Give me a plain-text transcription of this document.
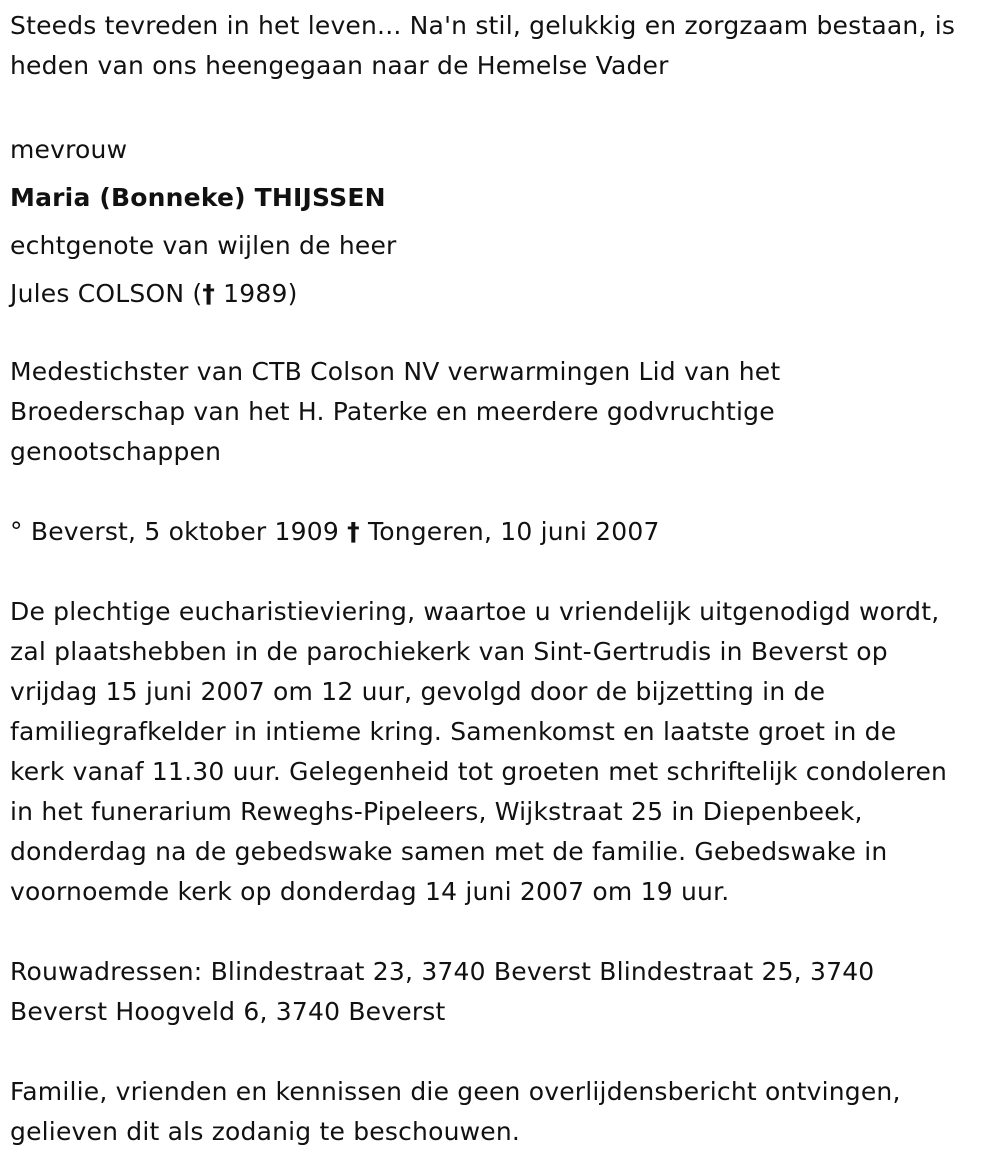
Steeds tevreden in het leven... Na'n stil, gelukkig en zorgzaam bestaan, is

heden van ons heengegaan naar de Hemelse Vader

mevrouw

Maria (Bonneke) THIJSSEN

echtgenote van wijlen de heer

Jules COLSON († 1989)

Medestichster van CTB Colson NV verwarmingen Lid van het

Broederschap van het H. Paterke en meerdere godvruchtige

genootschappen

° Beverst, 5 oktober 1909 † Tongeren, 10 juni 2007

De plechtige eucharistieviering, waartoe u vriendelijk uitgenodigd wordt,

zal plaatshebben in de parochiekerk van Sint-Gertrudis in Beverst op

vrijdag 15 juni 2007 om 12 uur, gevolgd door de bijzetting in de

familiegrafkelder in intieme kring. Samenkomst en laatste groet in de

kerk vanaf 11.30 uur. Gelegenheid tot groeten met schriftelijk condoleren

in het funerarium Reweghs-Pipeleers, Wijkstraat 25 in Diepenbeek,

donderdag na de gebedswake samen met de familie. Gebedswake in

voornoemde kerk op donderdag 14 juni 2007 om 19 uur.

Rouwadressen: Blindestraat 23, 3740 Beverst Blindestraat 25, 3740

Beverst Hoogveld 6, 3740 Beverst

Familie, vrienden en kennissen die geen overlijdensbericht ontvingen,

gelieven dit als zodanig te beschouwen.
